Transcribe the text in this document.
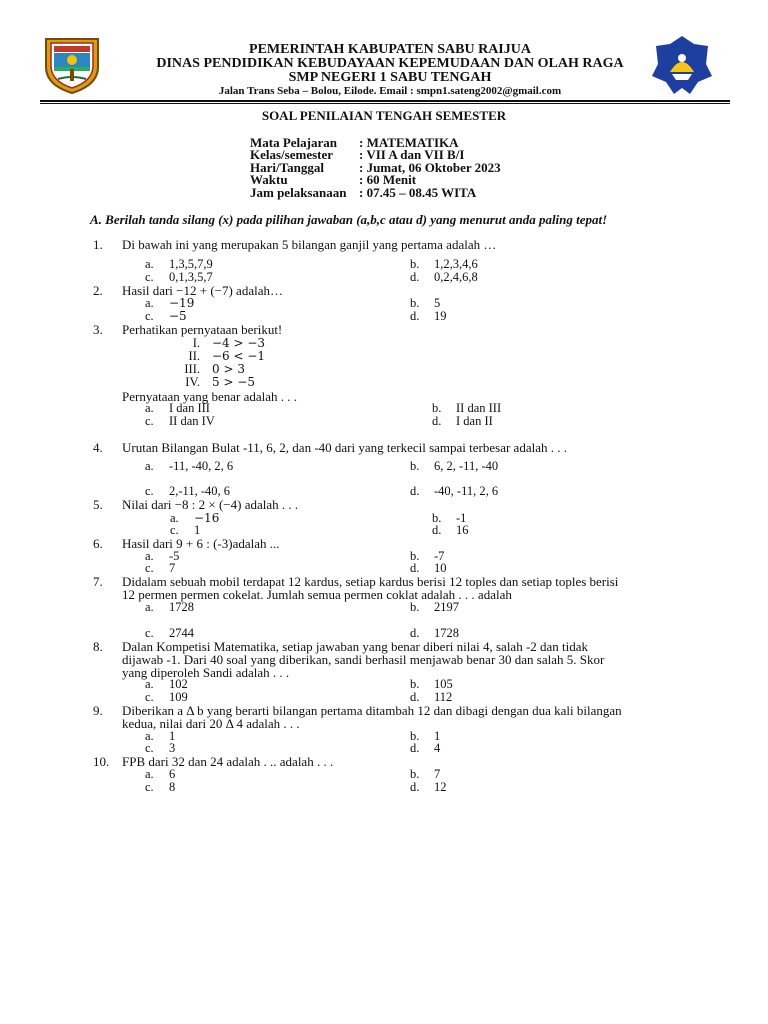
PEMERINTAH KABUPATEN SABU RAIJUA
DINAS PENDIDIKAN KEBUDAYAAN KEPEMUDAAN DAN OLAH RAGA
SMP NEGERI 1 SABU TENGAH
Jalan Trans Seba – Bolou, Eilode. Email : smpn1.sateng2002@gmail.com
SOAL PENILAIAN TENGAH SEMESTER
Mata Pelajaran : MATEMATIKA
Kelas/semester : VII A dan VII B/I
Hari/Tanggal	: Jumat, 06 Oktober 2023
Waktu	: 60 Menit
Jam pelaksanaan : 07.45 – 08.45 WITA
A. Berilah tanda silang (x) pada pilihan jawaban (a,b,c atau d) yang menurut anda paling tepat!
1. Di bawah ini yang merupakan 5 bilangan ganjil yang pertama adalah …
a. 1,3,5,7,9	b. 1,2,3,4,6
c. 0,1,3,5,7	d. 0,2,4,6,8
2. Hasil dari −12 + (−7) adalah…
a. −19	b. 5
c. −5	d. 19
3. Perhatikan pernyataan berikut!
I. −4 > −3
II. −6 < −1
III. 0 > 3
IV. 5 > −5
Pernyataan yang benar adalah . . .
a. I dan III	b. II dan III
c. II dan IV	d. I dan II
4. Urutan Bilangan Bulat -11, 6, 2, dan -40 dari yang terkecil sampai terbesar adalah . . .
a. -11, -40, 2, 6	b. 6, 2, -11, -40
c. 2,-11, -40, 6	d. -40, -11, 2, 6
5. Nilai dari −8 : 2 × (−4) adalah . . .
a. −16	b. -1
c. 1	d. 16
6. Hasil dari 9 + 6 : (-3)adalah ...
a. -5	b. -7
c. 7	d. 10
7. Didalam sebuah mobil terdapat 12 kardus, setiap kardus berisi 12 toples dan setiap toples berisi
12 permen permen cokelat. Jumlah semua permen coklat adalah . . . adalah
a. 1728	b. 2197
c. 2744	d. 1728
8. Dalan Kompetisi Matematika, setiap jawaban yang benar diberi nilai 4, salah -2 dan tidak
dijawab -1. Dari 40 soal yang diberikan, sandi berhasil menjawab benar 30 dan salah 5. Skor
yang diperoleh Sandi adalah . . .
a. 102	b. 105
c. 109	d. 112
9. Diberikan a Δ b yang berarti bilangan pertama ditambah 12 dan dibagi dengan dua kali bilangan
kedua, nilai dari 20 Δ 4 adalah . . .
a. 1	b. 1
c. 3	d. 4
10. FPB dari 32 dan 24 adalah . .. adalah . . .
a. 6	b. 7
c. 8	d. 12
